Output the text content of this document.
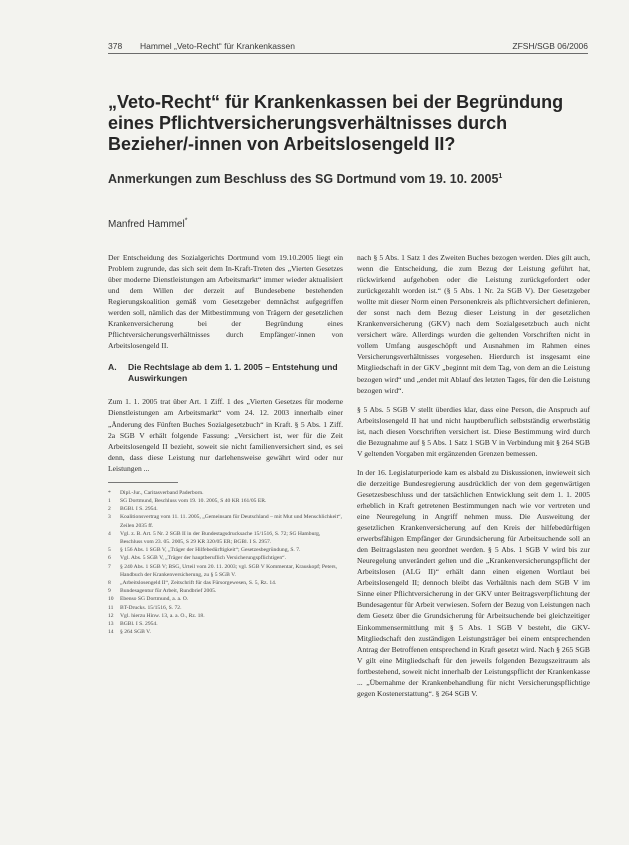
378 Hammel „Veto-Recht“ für Krankenkassen	ZFSH/SGB 06/2006
„Veto-Recht“ für Krankenkassen bei der Begründung eines Pflichtversicherungsverhältnisses durch Bezieher/-innen von Arbeitslosengeld II?
Anmerkungen zum Beschluss des SG Dortmund vom 19. 10. 2005$^1$
Manfred Hammel*

Der Entscheidung des Sozialgerichts Dortmund vom 19.10.2005 liegt ein Problem zugrunde, das sich seit dem In-Kraft-Treten des „Vierten Gesetzes über moderne Dienstleistungen am Arbeitsmarkt“ immer wieder aktualisiert und dem Willen der derzeit auf Bundesebene bestehenden Regierungskoalition gemäß vom Gesetzgeber demnächst aufgegriffen werden soll, nämlich das der Mitbestimmung von Trägern der gesetzlichen Krankenversicherung bei der Begründung eines Pflichtversicherungsverhältnisses durch Empfänger/-innen von Arbeitslosengeld II.

A.	Die Rechtslage ab dem 1. 1. 2005 – Entstehung und Auswirkungen

Zum 1. 1. 2005 trat über Art. 1 Ziff. 1 des „Vierten Gesetzes für moderne Dienstleistungen am Arbeitsmarkt“ vom 24. 12. 2003 innerhalb einer „Änderung des Fünften Buches Sozialgesetzbuch“ in Kraft. § 5 Abs. 1 Ziff. 2a SGB V erhält folgende Fassung: „Versichert ist, wer für die Zeit Arbeitslosengeld II bezieht, soweit sie nicht familienversichert sind, es sei denn, dass diese Leistung nur darlehensweise gewährt wird oder nur Leistungen ...

*	Dipl.-Jur., Caritasverband Paderborn.
1	SG Dortmund, Beschluss vom 19. 10. 2005, S 40 KR 161/05 ER.
2	BGBl. I S. 2954.
3	Koalitionsvertrag vom 11. 11. 2005, „Gemeinsam für Deutschland – mit Mut und Menschlichkeit“, Zeilen 2035 ff.
4	Vgl. z. B. Art. 5 Nr. 2 SGB II in der Bundestagsdrucksache 15/1516, S. 72; SG Hamburg, Beschluss vom 23. 05. 2005, S 29 KR 320/05 ER; BGBl. I S. 2957.
5	§ 156 Abs. 1 SGB V, „Träger der Hilfebedürftigkeit“; Gesetzesbegründung, S. 7.
6	Vgl. Abs. 5 SGB V, „Träger der hauptberuflich Versicherungspflichtigen“.
7	§ 240 Abs. 1 SGB V; BSG, Urteil vom 20. 11. 2003; vgl. SGB V Kommentar, Krauskopf; Peters, Handbuch der Krankenversicherung, zu § 5 SGB V.
8	„Arbeitslosengeld II“, Zeitschrift für das Fürsorgewesen, S. 5, Rz. 14.
9	Bundesagentur für Arbeit, Rundbrief 2005.
10	Ebenso SG Dortmund, a. a. O.
11	BT-Drucks. 15/1516, S. 72.
12	Vgl. hierzu Hinw. 13, a. a. O., Rz. 18.
13	BGBl. I S. 2954.
14	§ 264 SGB V.

nach § 5 Abs. 1 Satz 1 des Zweiten Buches bezogen werden. Dies gilt auch, wenn die Entscheidung, die zum Bezug der Leistung geführt hat, rückwirkend aufgehoben oder die Leistung zurückgefordert oder zurückgezahlt worden ist.“ (§ 5 Abs. 1 Nr. 2a SGB V). Der Gesetzgeber wollte mit dieser Norm einen Personenkreis als pflichtversichert definieren, der sonst nach dem Bezug dieser Leistung in der gesetzlichen Krankenversicherung (GKV) nach dem Sozialgesetzbuch auch nicht versichert wäre. Allerdings wurden die geltenden Vorschriften nicht in vollem Umfang ausgeschöpft und Ausnahmen im Rahmen eines Versicherungsverhältnisses vorgesehen. Hierdurch ist insgesamt eine Mitgliedschaft in der GKV „beginnt mit dem Tag, von dem an die Leistung bezogen wird“ und „endet mit Ablauf des letzten Tages, für den die Leistung bezogen wird“.

§ 5 Abs. 5 SGB V stellt überdies klar, dass eine Person, die Anspruch auf Arbeitslosengeld II hat und nicht hauptberuflich selbstständig erwerbstätig ist, nach diesen Vorschriften versichert ist. Diese Bestimmung wird durch die Bezugnahme auf § 5 Abs. 1 Satz 1 SGB V in Verbindung mit § 264 SGB V geltenden Vorgaben mit ergänzenden Grenzen bemessen.

In der 16. Legislaturperiode kam es alsbald zu Diskussionen, inwieweit sich die derzeitige Bundesregierung ausdrücklich der von dem gegenwärtigen Gesetzesbeschluss und der tatsächlichen Entwicklung seit dem 1. 1. 2005 erheblich in Kraft getretenen Bestimmungen nach wie vor vertreten und eine Neuregelung in Angriff nehmen muss. Die Ausweitung der gesetzlichen Krankenversicherung auf den Kreis der hilfebedürftigen erwerbsfähigen Empfänger der Grundsicherung für Arbeitsuchende soll an den Beitragslasten neu geordnet werden. § 5 Abs. 1 SGB V wird bis zur Neuregelung unverändert gelten und die „Krankenversicherungspflicht der Arbeitslosen (ALG II)“ erhält dann einen eigenen Wortlaut bei Arbeitslosengeld II; dennoch bleibt das Verhältnis nach dem SGB V im Sinne einer Pflichtversicherung in der GKV unter Beitragsverpflichtung der Bundesagentur für Arbeit verwiesen. Sofern der Bezug von Leistungen nach dem Gesetz über die Grundsicherung für Arbeitsuchende bei gleichzeitiger Einkommensermittlung mit § 5 Abs. 1 SGB V besteht, die GKV-Mitgliedschaft den zuständigen Leistungsträger bei einem entsprechenden Antrag der Betroffenen entsprechend in Kraft gesetzt wird. Nach § 265 SGB V gilt eine Mitgliedschaft für den jeweils folgenden Bezugszeitraum als fortbestehend, soweit nicht innerhalb der Leistungspflicht der Krankenkasse ... „Übernahme der Krankenbehandlung für nicht Versicherungspflichtige gegen Kostenerstattung“. § 264 SGB V.
